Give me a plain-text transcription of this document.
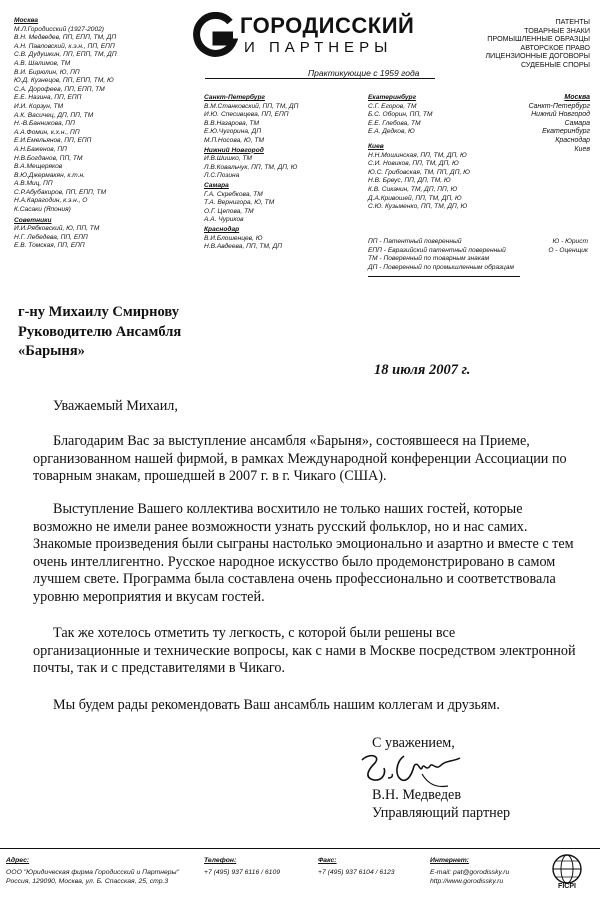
ГОРОДИССКИЙ
И ПАРТНЕРЫ
Практикующие с 1959 года
ПАТЕНТЫ
ТОВАРНЫЕ ЗНАКИ
ПРОМЫШЛЕННЫЕ ОБРАЗЦЫ
АВТОРСКОЕ ПРАВО
ЛИЦЕНЗИОННЫЕ ДОГОВОРЫ
СУДЕБНЫЕ СПОРЫ
Москва
М.Л.Городисский (1927-2002)
В.Н. Медведев, ПП, ЕПП, ТМ, ДП
А.Н. Павловский, к.э.н., ПП, ЕПП
С.В. Дудушкин, ПП, ЕПП, ТМ, ДП
А.В. Шалимов, ТМ
В.И. Бирюлин, Ю, ПП
Ю.Д. Кузнецов, ПП, ЕПП, ТМ, Ю
С.А. Дорофеев, ПП, ЕПП, ТМ
Е.Е. Назина, ПП, ЕПП
И.И. Корзун, ТМ
А.К. Васичец, ДП, ПП, ТМ
Н.-В.Банникова, ПП
А.А.Фомин, к.х.н., ПП
Е.И.Емельянов, ПП, ЕПП
А.Н.Баженов, ПП
Н.В.Богданов, ПП, ТМ
В.А.Мещеряков
В.Ю.Джермакян, к.т.н.
А.В.Миц, ПП
С.Р.Абубакиров, ПП, ЕПП, ТМ
Н.А.Карагодин, к.э.н., О
К.Сасаки (Япония)
Советники
И.И.Рябковский, Ю, ПП, ТМ
Н.Г. Лебедева, ПП, ЕПП
Е.В. Томская, ПП, ЕПП
Санкт-Петербург
В.М.Станковский, ПП, ТМ, ДП
И.Ю. Спесивцева, ПП, ЕПП
В.В.Назарова, ТМ
Е.Ю.Чугорина, ДП
М.П.Носова, Ю, ТМ
Нижний Новгород
И.В.Шишко, ТМ
Л.В.Ковальчук, ПП, ТМ, ДП, Ю
Л.С.Позина
Самара
Г.А. Скребкова, ТМ
Т.А. Вернигора, Ю, ТМ
О.Г. Цепова, ТМ
А.А. Чуриков
Краснодар
В.И.Блошенцев, Ю
Н.В.Авдеева, ПП, ТМ, ДП
Екатеринбург
С.Г. Егоров, ТМ
Б.С. Оборин, ПП, ТМ
Е.Е. Глебова, ТМ
Е.А. Дедков, Ю
Киев
Н.Н.Мошинская, ПП, ТМ, ДП, Ю
С.И. Новиков, ПП, ТМ, ДП, Ю
Ю.С. Грибовская, ТМ, ПП, ДП, Ю
Н.В. Бреус, ПП, ДП, ТМ, Ю
К.В. Сикачин, ТМ, ДП, ПП, Ю
Д.А.Кривошей, ПП, ТМ, ДП, Ю
С.Ю. Кузьменко, ПП, ТМ, ДП, Ю
Москва
Санкт-Петербург
Нижний Новгород
Самара
Екатеринбург
Краснодар
Киев
ПП - Патентный поверенный
ЕПП - Евразийский патентный поверенный
ТМ - Поверенный по товарным знакам
ДП - Поверенный по промышленным образцам
Ю - Юрист
О - Оценщик
г-ну Михаилу Смирнову
Руководителю Ансамбля
«Барыня»
18 июля 2007 г.
Уважаемый Михаил,
Благодарим Вас за выступление ансамбля «Барыня», состоявшееся на Приеме,
организованном нашей фирмой, в рамках Международной конференции Ассоциации по
товарным знакам, прошедшей в 2007 г. в г. Чикаго (США).
Выступление Вашего коллектива восхитило не только наших гостей, которые
возможно не имели ранее возможности узнать русский фольклор, но и нас самих.
Знакомые произведения были сыграны настолько эмоционально и азартно и вместе с тем
очень интеллигентно. Русское народное искусство было продемонстрировано в самом
лучшем свете. Программа была составлена очень профессионально и соответствовала
уровню мероприятия и вкусам гостей.
Так же хотелось отметить ту легкость, с которой были решены все
организационные и технические вопросы, как с нами в Москве посредством электронной
почты, так и с представителями в Чикаго.
Мы будем рады рекомендовать Ваш ансамбль нашим коллегам и друзьям.
С уважением,
В.Н. Медведев
Управляющий партнер
Адрес:
ООО "Юридическая фирма Городисский и Партнеры"
Россия, 129090, Москва, ул. Б. Спасская, 25, стр.3
Телефон:
+7 (495) 937 6116 / 6109
Факс:
+7 (495) 937 6104 / 6123
Интернет:
E-mail: pat@gorodissky.ru
http://www.gorodissky.ru
FICPI
